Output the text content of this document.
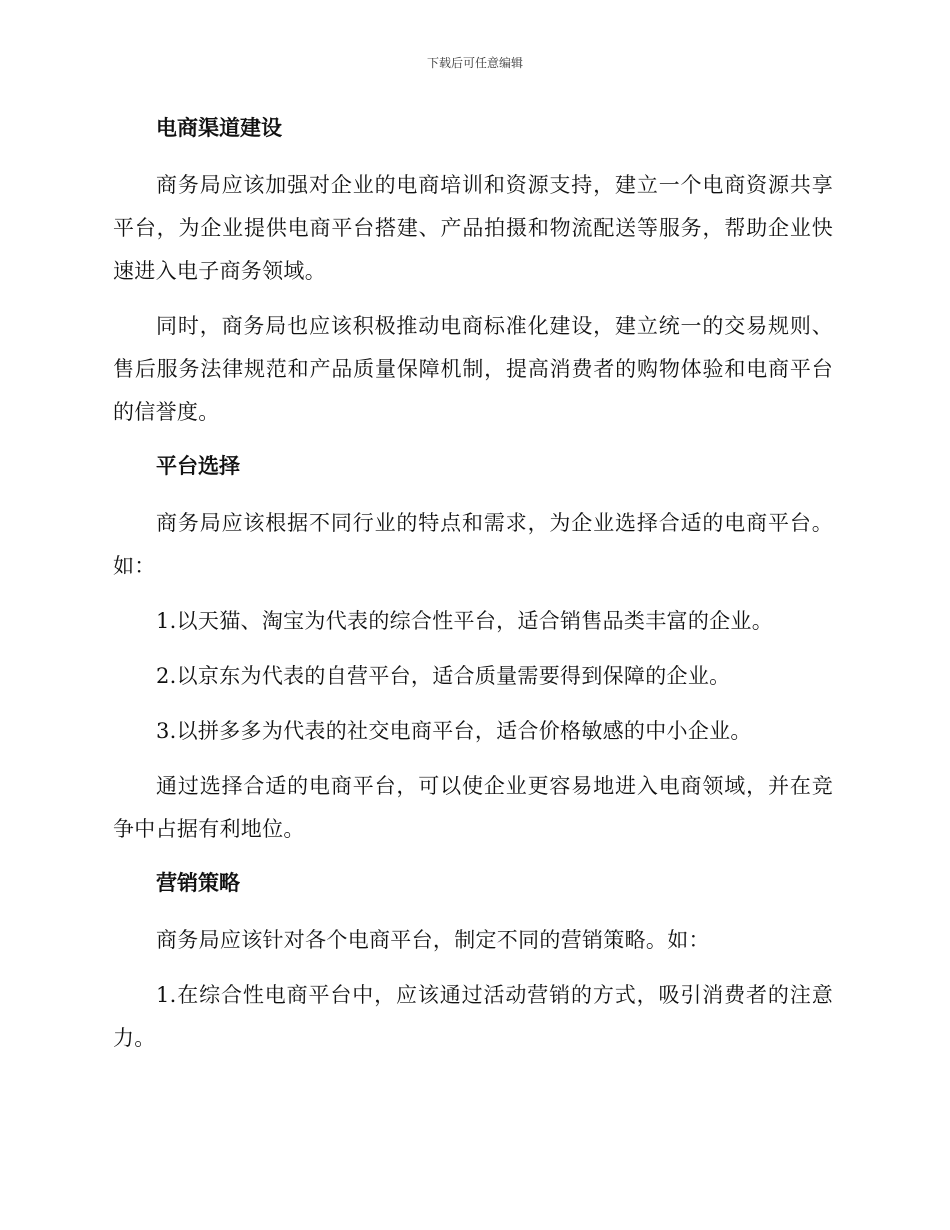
下载后可任意编辑
电商渠道建设

商务局应该加强对企业的电商培训和资源支持，建立一个电商资源共享平台，为企业提供电商平台搭建、产品拍摄和物流配送等服务，帮助企业快速进入电子商务领域。

同时，商务局也应该积极推动电商标准化建设，建立统一的交易规则、售后服务法律规范和产品质量保障机制，提高消费者的购物体验和电商平台的信誉度。

平台选择

商务局应该根据不同行业的特点和需求，为企业选择合适的电商平台。如：

1.以天猫、淘宝为代表的综合性平台，适合销售品类丰富的企业。

2.以京东为代表的自营平台，适合质量需要得到保障的企业。

3.以拼多多为代表的社交电商平台，适合价格敏感的中小企业。

通过选择合适的电商平台，可以使企业更容易地进入电商领域，并在竞争中占据有利地位。

营销策略

商务局应该针对各个电商平台，制定不同的营销策略。如：

1.在综合性电商平台中，应该通过活动营销的方式，吸引消费者的注意力。
